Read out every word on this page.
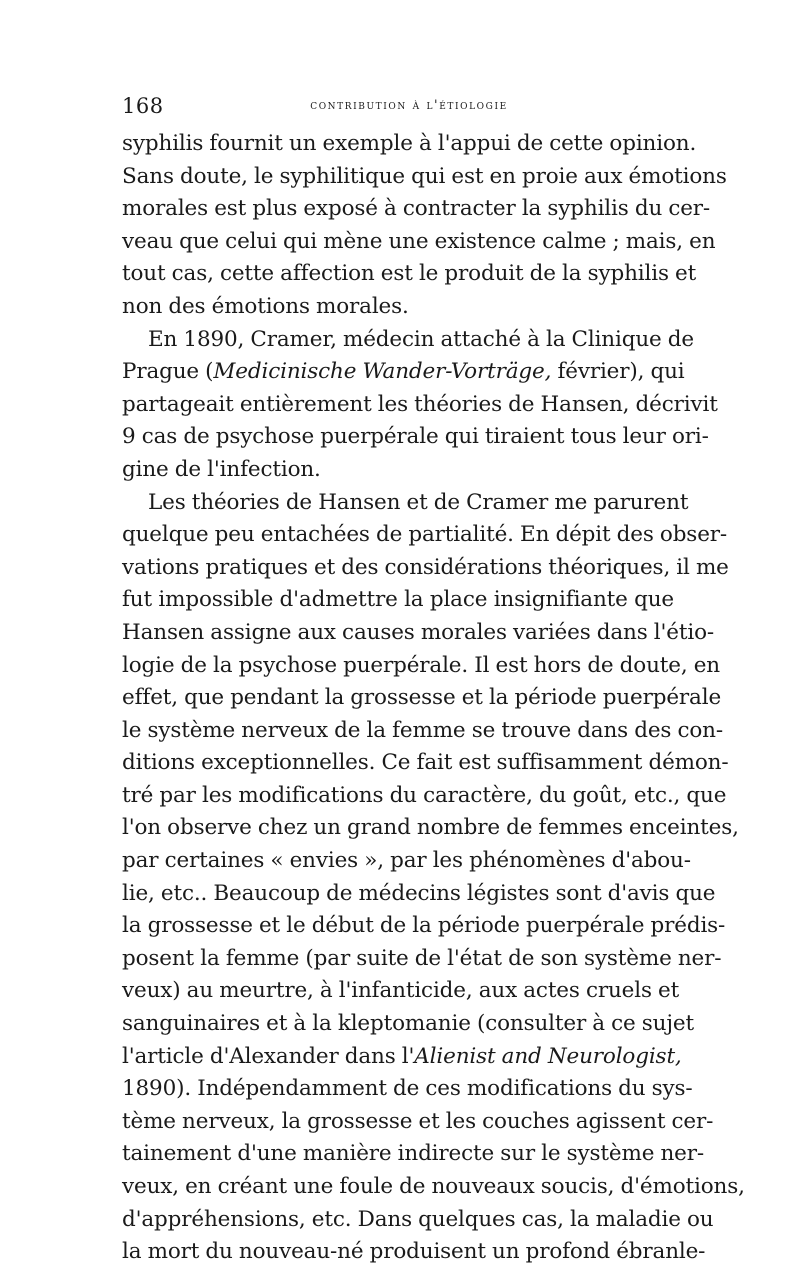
168	contribution à l'étiologie
syphilis fournit un exemple à l'appui de cette opinion.
Sans doute, le syphilitique qui est en proie aux émotions
morales est plus exposé à contracter la syphilis du cer-
veau que celui qui mène une existence calme ; mais, en
tout cas, cette affection est le produit de la syphilis et
non des émotions morales.
En 1890, Cramer, médecin attaché à la Clinique de
Prague (Medicinische Wander-Vorträge, février), qui
partageait entièrement les théories de Hansen, décrivit
9 cas de psychose puerpérale qui tiraient tous leur ori-
gine de l'infection.
Les théories de Hansen et de Cramer me parurent
quelque peu entachées de partialité. En dépit des obser-
vations pratiques et des considérations théoriques, il me
fut impossible d'admettre la place insignifiante que
Hansen assigne aux causes morales variées dans l'étio-
logie de la psychose puerpérale. Il est hors de doute, en
effet, que pendant la grossesse et la période puerpérale
le système nerveux de la femme se trouve dans des con-
ditions exceptionnelles. Ce fait est suffisamment démon-
tré par les modifications du caractère, du goût, etc., que
l'on observe chez un grand nombre de femmes enceintes,
par certaines « envies », par les phénomènes d'abou-
lie, etc.. Beaucoup de médecins légistes sont d'avis que
la grossesse et le début de la période puerpérale prédis-
posent la femme (par suite de l'état de son système ner-
veux) au meurtre, à l'infanticide, aux actes cruels et
sanguinaires et à la kleptomanie (consulter à ce sujet
l'article d'Alexander dans l'Alienist and Neurologist,
1890). Indépendamment de ces modifications du sys-
tème nerveux, la grossesse et les couches agissent cer-
tainement d'une manière indirecte sur le système ner-
veux, en créant une foule de nouveaux soucis, d'émotions,
d'appréhensions, etc. Dans quelques cas, la maladie ou
la mort du nouveau-né produisent un profond ébranle-
